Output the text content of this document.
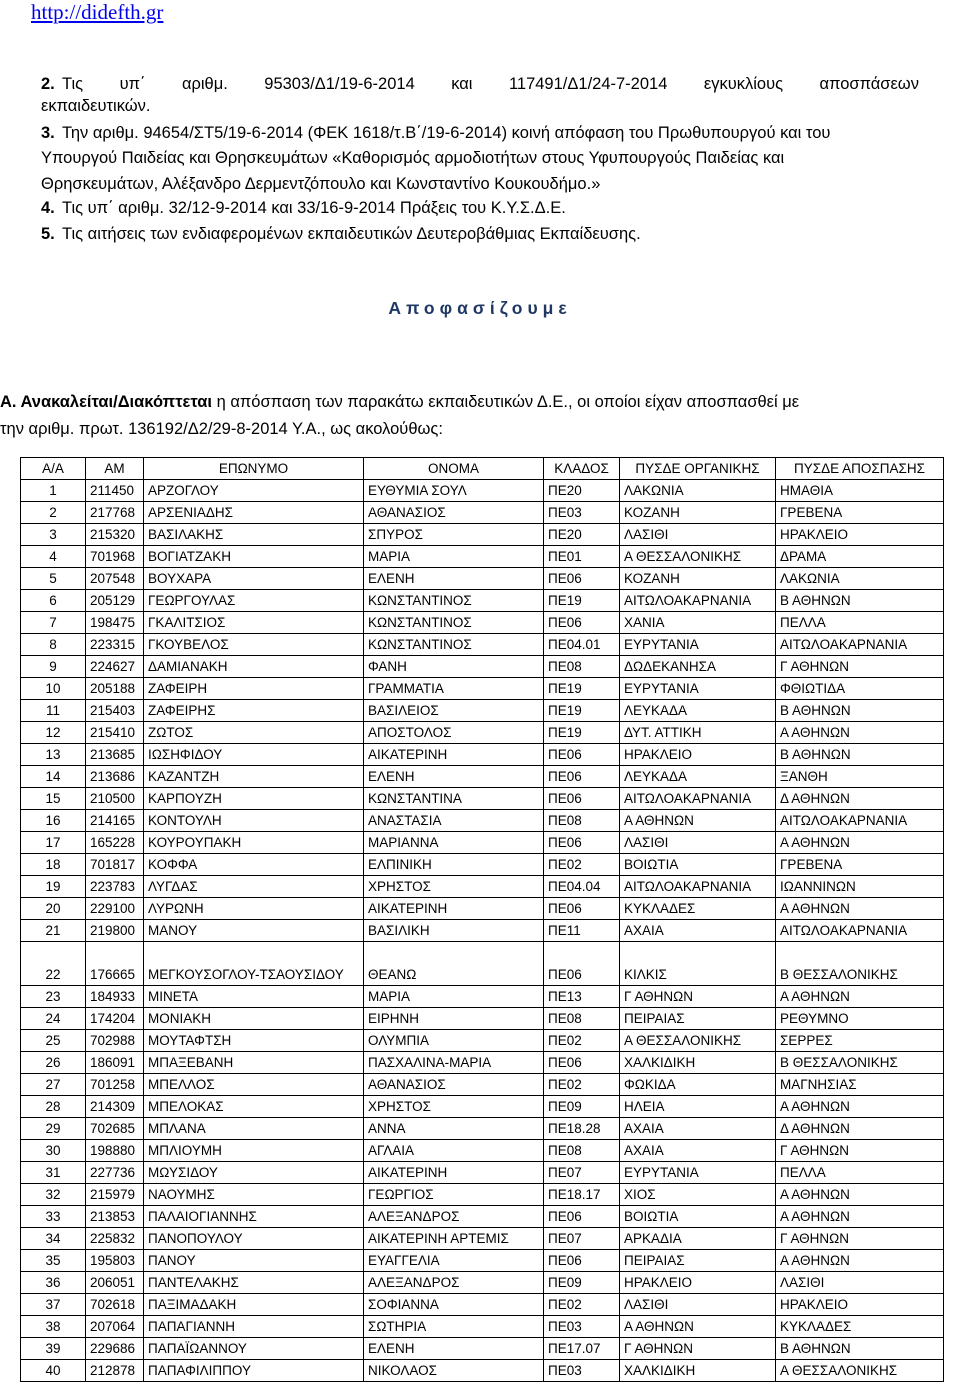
http://didefth.gr
2. Τις υπ΄ αριθμ. 95303/Δ1/19-6-2014 και 117491/Δ1/24-7-2014 εγκυκλίους αποσπάσεων
εκπαιδευτικών.
3. Την αριθμ. 94654/ΣΤ5/19-6-2014 (ΦΕΚ 1618/τ.Β΄/19-6-2014) κοινή απόφαση του Πρωθυπουργού και του
Υπουργού Παιδείας και Θρησκευμάτων «Καθορισμός αρμοδιοτήτων στους Υφυπουργούς Παιδείας και
Θρησκευμάτων, Αλέξανδρο Δερμεντζόπουλο και Κωνσταντίνο Κουκουδήμο.»
4. Τις υπ΄ αριθμ. 32/12-9-2014 και 33/16-9-2014 Πράξεις του Κ.Υ.Σ.Δ.Ε.
5. Τις αιτήσεις των ενδιαφερομένων εκπαιδευτικών Δευτεροβάθμιας Εκπαίδευσης.
Αποφασίζουμε
Α. Ανακαλείται/Διακόπτεται η απόσπαση των παρακάτω εκπαιδευτικών Δ.Ε., οι οποίοι είχαν αποσπασθεί με
την αριθμ. πρωτ. 136192/Δ2/29-8-2014 Υ.Α., ως ακολούθως:
Α/Α	ΑΜ	ΕΠΩΝΥΜΟ	ΟΝΟΜΑ	ΚΛΑΔΟΣ	ΠΥΣΔΕ ΟΡΓΑΝΙΚΗΣ	ΠΥΣΔΕ ΑΠΟΣΠΑΣΗΣ
1	211450	ΑΡΖΟΓΛΟΥ	ΕΥΘΥΜΙΑ ΣΟΥΛ	ΠΕ20	ΛΑΚΩΝΙΑ	ΗΜΑΘΙΑ
2	217768	ΑΡΣΕΝΙΑΔΗΣ	ΑΘΑΝΑΣΙΟΣ	ΠΕ03	ΚΟΖΑΝΗ	ΓΡΕΒΕΝΑ
3	215320	ΒΑΣΙΛΑΚΗΣ	ΣΠΥΡΟΣ	ΠΕ20	ΛΑΣΙΘΙ	ΗΡΑΚΛΕΙΟ
4	701968	ΒΟΓΙΑΤΖΑΚΗ	ΜΑΡΙΑ	ΠΕ01	Α ΘΕΣΣΑΛΟΝΙΚΗΣ	ΔΡΑΜΑ
5	207548	ΒΟΥΧΑΡΑ	ΕΛΕΝΗ	ΠΕ06	ΚΟΖΑΝΗ	ΛΑΚΩΝΙΑ
6	205129	ΓΕΩΡΓΟΥΛΑΣ	ΚΩΝΣΤΑΝΤΙΝΟΣ	ΠΕ19	ΑΙΤΩΛΟΑΚΑΡΝΑΝΙΑ	Β ΑΘΗΝΩΝ
7	198475	ΓΚΑΛΙΤΣΙΟΣ	ΚΩΝΣΤΑΝΤΙΝΟΣ	ΠΕ06	ΧΑΝΙΑ	ΠΕΛΛΑ
8	223315	ΓΚΟΥΒΕΛΟΣ	ΚΩΝΣΤΑΝΤΙΝΟΣ	ΠΕ04.01	ΕΥΡΥΤΑΝΙΑ	ΑΙΤΩΛΟΑΚΑΡΝΑΝΙΑ
9	224627	ΔΑΜΙΑΝΑΚΗ	ΦΑΝΗ	ΠΕ08	ΔΩΔΕΚΑΝΗΣΑ	Γ ΑΘΗΝΩΝ
10	205188	ΖΑΦΕΙΡΗ	ΓΡΑΜΜΑΤΙΑ	ΠΕ19	ΕΥΡΥΤΑΝΙΑ	ΦΘΙΩΤΙΔΑ
11	215403	ΖΑΦΕΙΡΗΣ	ΒΑΣΙΛΕΙΟΣ	ΠΕ19	ΛΕΥΚΑΔΑ	Β ΑΘΗΝΩΝ
12	215410	ΖΩΤΟΣ	ΑΠΟΣΤΟΛΟΣ	ΠΕ19	ΔΥΤ. ΑΤΤΙΚΗ	Α ΑΘΗΝΩΝ
13	213685	ΙΩΣΗΦΙΔΟΥ	ΑΙΚΑΤΕΡΙΝΗ	ΠΕ06	ΗΡΑΚΛΕΙΟ	Β ΑΘΗΝΩΝ
14	213686	ΚΑΖΑΝΤΖΗ	ΕΛΕΝΗ	ΠΕ06	ΛΕΥΚΑΔΑ	ΞΑΝΘΗ
15	210500	ΚΑΡΠΟΥΖΗ	ΚΩΝΣΤΑΝΤΙΝΑ	ΠΕ06	ΑΙΤΩΛΟΑΚΑΡΝΑΝΙΑ	Δ ΑΘΗΝΩΝ
16	214165	ΚΟΝΤΟΥΛΗ	ΑΝΑΣΤΑΣΙΑ	ΠΕ08	Α ΑΘΗΝΩΝ	ΑΙΤΩΛΟΑΚΑΡΝΑΝΙΑ
17	165228	ΚΟΥΡΟΥΠΑΚΗ	ΜΑΡΙΑΝΝΑ	ΠΕ06	ΛΑΣΙΘΙ	Α ΑΘΗΝΩΝ
18	701817	ΚΟΦΦΑ	ΕΛΠΙΝΙΚΗ	ΠΕ02	ΒΟΙΩΤΙΑ	ΓΡΕΒΕΝΑ
19	223783	ΛΥΓΔΑΣ	ΧΡΗΣΤΟΣ	ΠΕ04.04	ΑΙΤΩΛΟΑΚΑΡΝΑΝΙΑ	ΙΩΑΝΝΙΝΩΝ
20	229100	ΛΥΡΩΝΗ	ΑΙΚΑΤΕΡΙΝΗ	ΠΕ06	ΚΥΚΛΑΔΕΣ	Α ΑΘΗΝΩΝ
21	219800	ΜΑΝΟΥ	ΒΑΣΙΛΙΚΗ	ΠΕ11	ΑΧΑΙΑ	ΑΙΤΩΛΟΑΚΑΡΝΑΝΙΑ
22	176665	ΜΕΓΚΟΥΣΟΓΛΟΥ-ΤΣΑΟΥΣΙΔΟΥ	ΘΕΑΝΩ	ΠΕ06	ΚΙΛΚΙΣ	Β ΘΕΣΣΑΛΟΝΙΚΗΣ
23	184933	ΜΙΝΕΤΑ	ΜΑΡΙΑ	ΠΕ13	Γ ΑΘΗΝΩΝ	Α ΑΘΗΝΩΝ
24	174204	ΜΟΝΙΑΚΗ	ΕΙΡΗΝΗ	ΠΕ08	ΠΕΙΡΑΙΑΣ	ΡΕΘΥΜΝΟ
25	702988	ΜΟΥΤΑΦΤΣΗ	ΟΛΥΜΠΙΑ	ΠΕ02	Α ΘΕΣΣΑΛΟΝΙΚΗΣ	ΣΕΡΡΕΣ
26	186091	ΜΠΑΞΕΒΑΝΗ	ΠΑΣΧΑΛΙΝΑ-ΜΑΡΙΑ	ΠΕ06	ΧΑΛΚΙΔΙΚΗ	Β ΘΕΣΣΑΛΟΝΙΚΗΣ
27	701258	ΜΠΕΛΛΟΣ	ΑΘΑΝΑΣΙΟΣ	ΠΕ02	ΦΩΚΙΔΑ	ΜΑΓΝΗΣΙΑΣ
28	214309	ΜΠΕΛΟΚΑΣ	ΧΡΗΣΤΟΣ	ΠΕ09	ΗΛΕΙΑ	Α ΑΘΗΝΩΝ
29	702685	ΜΠΛΑΝΑ	ΑΝΝΑ	ΠΕ18.28	ΑΧΑΙΑ	Δ ΑΘΗΝΩΝ
30	198880	ΜΠΛΙΟΥΜΗ	ΑΓΛΑΙΑ	ΠΕ08	ΑΧΑΙΑ	Γ ΑΘΗΝΩΝ
31	227736	ΜΩΥΣΙΔΟΥ	ΑΙΚΑΤΕΡΙΝΗ	ΠΕ07	ΕΥΡΥΤΑΝΙΑ	ΠΕΛΛΑ
32	215979	ΝΑΟΥΜΗΣ	ΓΕΩΡΓΙΟΣ	ΠΕ18.17	ΧΙΟΣ	Α ΑΘΗΝΩΝ
33	213853	ΠΑΛΑΙΟΓΙΑΝΝΗΣ	ΑΛΕΞΑΝΔΡΟΣ	ΠΕ06	ΒΟΙΩΤΙΑ	Α ΑΘΗΝΩΝ
34	225832	ΠΑΝΟΠΟΥΛΟΥ	ΑΙΚΑΤΕΡΙΝΗ ΑΡΤΕΜΙΣ	ΠΕ07	ΑΡΚΑΔΙΑ	Γ ΑΘΗΝΩΝ
35	195803	ΠΑΝΟΥ	ΕΥΑΓΓΕΛΙΑ	ΠΕ06	ΠΕΙΡΑΙΑΣ	Α ΑΘΗΝΩΝ
36	206051	ΠΑΝΤΕΛΑΚΗΣ	ΑΛΕΞΑΝΔΡΟΣ	ΠΕ09	ΗΡΑΚΛΕΙΟ	ΛΑΣΙΘΙ
37	702618	ΠΑΞΙΜΑΔΑΚΗ	ΣΟΦΙΑΝΝΑ	ΠΕ02	ΛΑΣΙΘΙ	ΗΡΑΚΛΕΙΟ
38	207064	ΠΑΠΑΓΙΑΝΝΗ	ΣΩΤΗΡΙΑ	ΠΕ03	Α ΑΘΗΝΩΝ	ΚΥΚΛΑΔΕΣ
39	229686	ΠΑΠΑΪΩΑΝΝΟΥ	ΕΛΕΝΗ	ΠΕ17.07	Γ ΑΘΗΝΩΝ	Β ΑΘΗΝΩΝ
40	212878	ΠΑΠΑΦΙΛΙΠΠΟΥ	ΝΙΚΟΛΑΟΣ	ΠΕ03	ΧΑΛΚΙΔΙΚΗ	Α ΘΕΣΣΑΛΟΝΙΚΗΣ
